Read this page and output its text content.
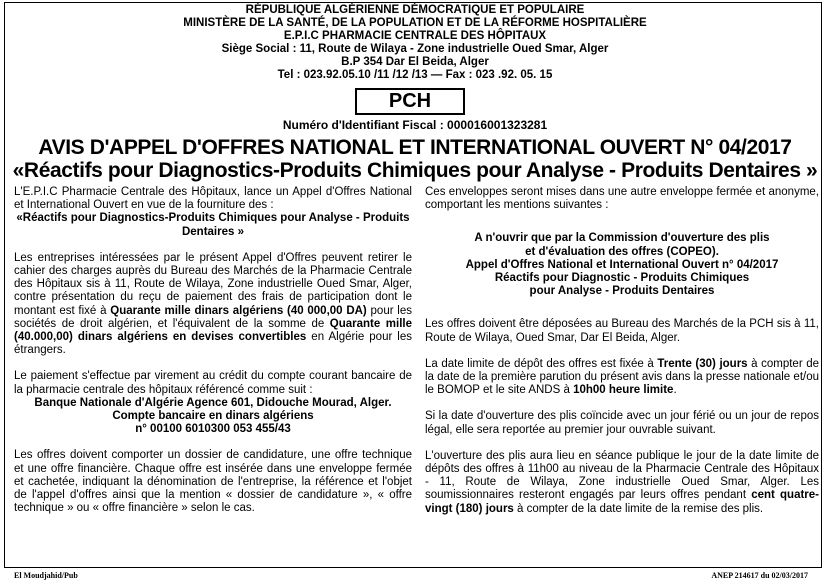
RÉPUBLIQUE ALGÉRIENNE DÉMOCRATIQUE ET POPULAIRE
MINISTÈRE DE LA SANTÉ, DE LA POPULATION ET DE LA RÉFORME HOSPITALIÈRE
E.P.I.C PHARMACIE CENTRALE DES HÔPITAUX
Siège Social : 11, Route de Wilaya - Zone industrielle Oued Smar, Alger
B.P 354 Dar El Beida, Alger
Tel : 023.92.05.10 /11 /12 /13 — Fax : 023 .92. 05. 15
PCH
Numéro d'Identifiant Fiscal : 000016001323281
AVIS D'APPEL D'OFFRES NATIONAL ET INTERNATIONAL OUVERT N° 04/2017
«Réactifs pour Diagnostics-Produits Chimiques pour Analyse - Produits Dentaires »

L'E.P.I.C Pharmacie Centrale des Hôpitaux, lance un Appel d'Offres National et International Ouvert en vue de la fourniture des :

«Réactifs pour Diagnostics-Produits Chimiques pour Analyse - Produits Dentaires »

Les entreprises intéressées par le présent Appel d'Offres peuvent retirer le cahier des charges auprès du Bureau des Marchés de la Pharmacie Centrale des Hôpitaux sis à 11, Route de Wilaya, Zone industrielle Oued Smar, Alger, contre présentation du reçu de paiement des frais de participation dont le montant est fixé à Quarante mille dinars algériens (40 000,00 DA) pour les sociétés de droit algérien, et l'équivalent de la somme de Quarante mille (40.000,00) dinars algériens en devises convertibles en Algérie pour les étrangers.

Le paiement s'effectue par virement au crédit du compte courant bancaire de la pharmacie centrale des hôpitaux référencé comme suit :

Banque Nationale d'Algérie Agence 601, Didouche Mourad, Alger.
Compte bancaire en dinars algériens

n° 00100 6010300 053 455/43

Les offres doivent comporter un dossier de candidature, une offre technique et une offre financière. Chaque offre est insérée dans une enveloppe fermée et cachetée, indiquant la dénomination de l'entreprise, la référence et l'objet de l'appel d'offres ainsi que la mention « dossier de candidature », « offre technique » ou « offre financière » selon le cas.

Ces enveloppes seront mises dans une autre enveloppe fermée et anonyme, comportant les mentions suivantes :

A n'ouvrir que par la Commission d'ouverture des plis
et d'évaluation des offres (COPEO).
Appel d'Offres National et International Ouvert n° 04/2017
Réactifs pour Diagnostic - Produits Chimiques

pour Analyse - Produits Dentaires

Les offres doivent être déposées au Bureau des Marchés de la PCH sis à 11, Route de Wilaya, Oued Smar, Dar El Beida, Alger.

La date limite de dépôt des offres est fixée à Trente (30) jours à compter de la date de la première parution du présent avis dans la presse nationale et/ou le BOMOP et le site ANDS à 10h00 heure limite.

Si la date d'ouverture des plis coïncide avec un jour férié ou un jour de repos légal, elle sera reportée au premier jour ouvrable suivant.

L'ouverture des plis aura lieu en séance publique le jour de la date limite de dépôts des offres à 11h00 au niveau de la Pharmacie Centrale des Hôpitaux - 11, Route de Wilaya, Zone industrielle Oued Smar, Alger. Les soumissionnaires resteront engagés par leurs offres pendant cent quatre-vingt (180) jours à compter de la date limite de la remise des plis.

El Moudjahid/Pub	ANEP 214617 du 02/03/2017
